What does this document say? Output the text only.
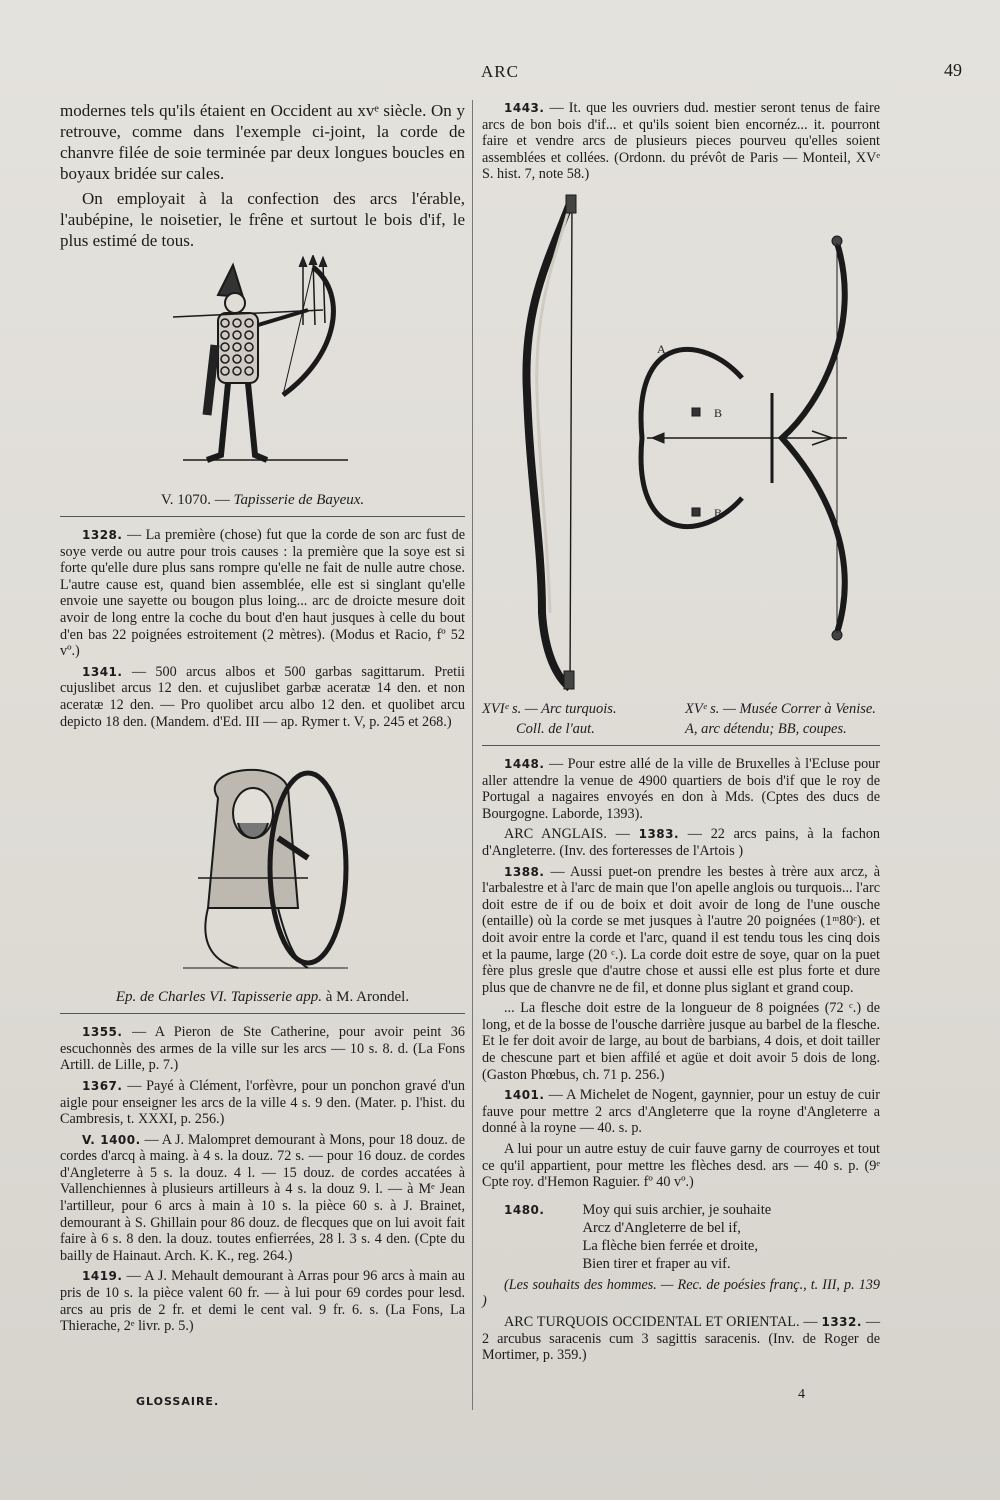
ARC	49

modernes tels qu'ils étaient en Occident au xvᵉ siècle. On y retrouve, comme dans l'exemple ci-joint, la corde de chanvre filée de soie terminée par deux longues boucles en boyaux bridée sur cales.

On employait à la confection des arcs l'érable, l'aubépine, le noisetier, le frêne et surtout le bois d'if, le plus estimé de tous.

V. 1070. — Tapisserie de Bayeux.

1328. — La première (chose) fut que la corde de son arc fust de soye verde ou autre pour trois causes : la première que la soye est si forte qu'elle dure plus sans rompre qu'elle ne fait de nulle autre chose. L'autre cause est, quand bien assemblée, elle est si singlant qu'elle envoie une sayette ou bougon plus loing... arc de droicte mesure doit avoir de long entre la coche du bout d'en haut jusques à celle du bout d'en bas 22 poignées estroitement (2 mètres). (Modus et Racio, fº 52 vº.)

1341. — 500 arcus albos et 500 garbas sagittarum. Pretii cujuslibet arcus 12 den. et cujuslibet garbæ aceratæ 14 den. et non aceratæ 12 den. — Pro quolibet arcu albo 12 den. et quolibet arcu depicto 18 den. (Mandem. d'Ed. III — ap. Rymer t. V, p. 245 et 268.)

Ep. de Charles VI. Tapisserie app. à M. Arondel.

1355. — A Pieron de Ste Catherine, pour avoir peint 36 escuchonnès des armes de la ville sur les arcs — 10 s. 8. d. (La Fons Artill. de Lille, p. 7.)

1367. — Payé à Clément, l'orfèvre, pour un ponchon gravé d'un aigle pour enseigner les arcs de la ville 4 s. 9 den. (Mater. p. l'hist. du Cambresis, t. XXXI, p. 256.)

V. 1400. — A J. Malompret demourant à Mons, pour 18 douz. de cordes d'arcq à maing. à 4 s. la douz. 72 s. — pour 16 douz. de cordes d'Angleterre à 5 s. la douz. 4 l. — 15 douz. de cordes accatées à Vallenchiennes à plusieurs artilleurs à 4 s. la douz 9. l. — à Mᵉ Jean l'artilleur, pour 6 arcs à main à 10 s. la pièce 60 s. à J. Brainet, demourant à S. Ghillain pour 86 douz. de flecques que on lui avoit fait faire à 6 s. 8 den. la douz. toutes enfierrées, 28 l. 3 s. 4 den. (Cpte du bailly de Hainaut. Arch. K. K., reg. 264.)

1419. — A J. Mehault demourant à Arras pour 96 arcs à main au pris de 10 s. la pièce valent 60 fr. — à lui pour 69 cordes pour lesd. arcs au pris de 2 fr. et demi le cent val. 9 fr. 6. s. (La Fons, La Thierache, 2ᵉ livr. p. 5.)

1443. — It. que les ouvriers dud. mestier seront tenus de faire arcs de bon bois d'if... et qu'ils soient bien encornéz... it. pourront faire et vendre arcs de plusieurs pieces pourveu qu'elles soient assemblées et collées. (Ordonn. du prévôt de Paris — Monteil, XVᵉ S. hist. 7, note 58.)

B
B
A
XVIᵉ s. — Arc turquois.
Coll. de l'aut.
XVᵉ s. — Musée Correr à Venise.
A, arc détendu; BB, coupes.

1448. — Pour estre allé de la ville de Bruxelles à l'Ecluse pour aller attendre la venue de 4900 quartiers de bois d'if que le roy de Portugal a nagaires envoyés en don à Mds. (Cptes des ducs de Bourgogne. Laborde, 1393).

ARC ANGLAIS. — 1383. — 22 arcs pains, à la fachon d'Angleterre. (Inv. des forteresses de l'Artois )

1388. — Aussi puet-on prendre les bestes à trère aux arcz, à l'arbalestre et à l'arc de main que l'on apelle anglois ou turquois... l'arc doit estre de if ou de boix et doit avoir de long de l'une ousche (entaille) où la corde se met jusques à l'autre 20 poignées (1ᵐ80ᶜ). et doit avoir entre la corde et l'arc, quand il est tendu tous les cinq dois et la paume, large (20 ᶜ.). La corde doit estre de soye, quar on la puet fère plus gresle que d'autre chose et aussi elle est plus forte et dure plus que de chanvre ne de fil, et donne plus siglant et grand coup.

... La flesche doit estre de la longueur de 8 poignées (72 ᶜ.) de long, et de la bosse de l'ousche darrière jusque au barbel de la flesche. Et le fer doit avoir de large, au bout de barbians, 4 dois, et doit tailler de chescune part et bien affilé et agüe et doit avoir 5 dois de long. (Gaston Phœbus, ch. 71 p. 256.)

1401. — A Michelet de Nogent, gaynnier, pour un estuy de cuir fauve pour mettre 2 arcs d'Angleterre que la royne d'Angleterre a donné à la royne — 40. s. p.

A lui pour un autre estuy de cuir fauve garny de courroyes et tout ce qu'il appartient, pour mettre les flèches desd. ars — 40 s. p. (9ᵉ Cpte roy. d'Hemon Raguier. fº 40 vº.)

1480.	Moy qui suis archier, je souhaite
Arcz d'Angleterre de bel if,
La flèche bien ferrée et droite,
Bien tirer et fraper au vif.

(Les souhaits des hommes. — Rec. de poésies franç., t. III, p. 139 )

ARC TURQUOIS OCCIDENTAL ET ORIENTAL. — 1332. — 2 arcubus saracenis cum 3 sagittis saracenis. (Inv. de Roger de Mortimer, p. 359.)

GLOSSAIRE.	4
